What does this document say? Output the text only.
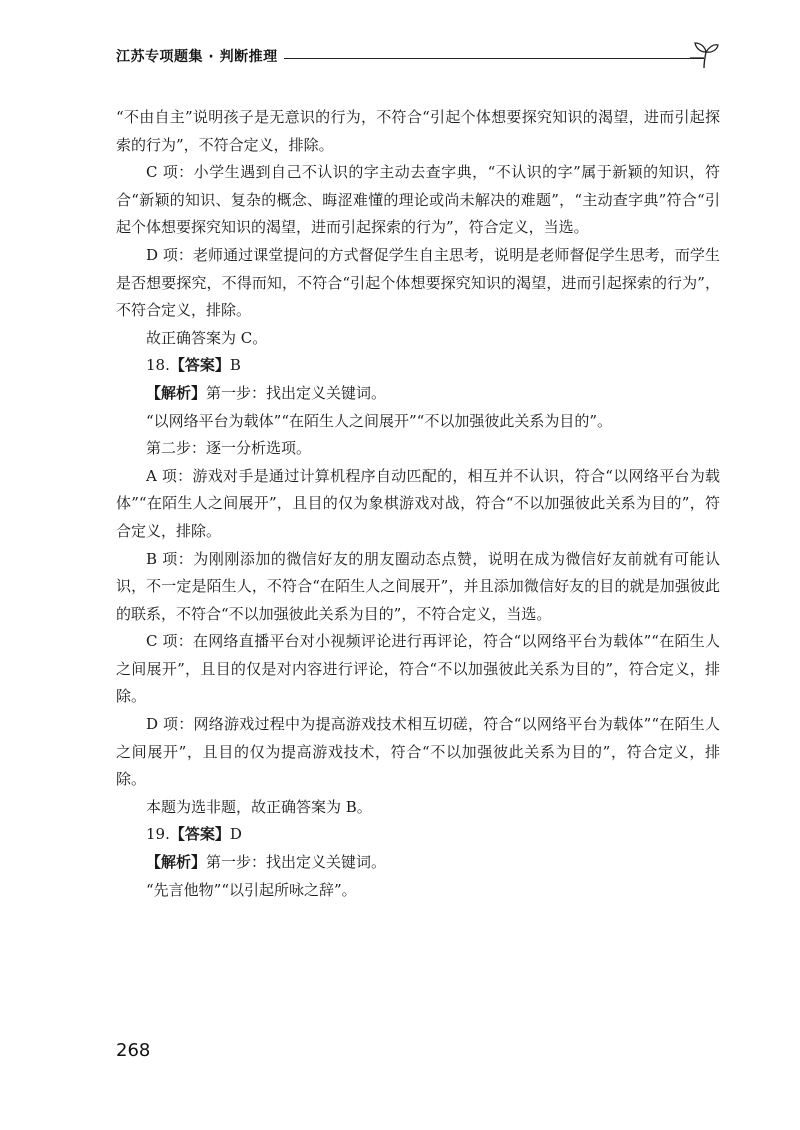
江苏专项题集 · 判断推理

“不由自主”说明孩子是无意识的行为，不符合“引起个体想要探究知识的渴望，进而引起探索的行为”，不符合定义，排除。

C 项：小学生遇到自己不认识的字主动去查字典，“不认识的字”属于新颖的知识，符合“新颖的知识、复杂的概念、晦涩难懂的理论或尚未解决的难题”，“主动查字典”符合“引起个体想要探究知识的渴望，进而引起探索的行为”，符合定义，当选。

D 项：老师通过课堂提问的方式督促学生自主思考，说明是老师督促学生思考，而学生是否想要探究，不得而知，不符合“引起个体想要探究知识的渴望，进而引起探索的行为”，不符合定义，排除。

故正确答案为 C。

18.【答案】B

【解析】第一步：找出定义关键词。

“以网络平台为载体”“在陌生人之间展开”“不以加强彼此关系为目的”。

第二步：逐一分析选项。

A 项：游戏对手是通过计算机程序自动匹配的，相互并不认识，符合“以网络平台为载体”“在陌生人之间展开”，且目的仅为象棋游戏对战，符合“不以加强彼此关系为目的”，符合定义，排除。

B 项：为刚刚添加的微信好友的朋友圈动态点赞，说明在成为微信好友前就有可能认识，不一定是陌生人，不符合“在陌生人之间展开”，并且添加微信好友的目的就是加强彼此的联系，不符合“不以加强彼此关系为目的”，不符合定义，当选。

C 项：在网络直播平台对小视频评论进行再评论，符合“以网络平台为载体”“在陌生人之间展开”，且目的仅是对内容进行评论，符合“不以加强彼此关系为目的”，符合定义，排除。

D 项：网络游戏过程中为提高游戏技术相互切磋，符合“以网络平台为载体”“在陌生人之间展开”，且目的仅为提高游戏技术，符合“不以加强彼此关系为目的”，符合定义，排除。

本题为选非题，故正确答案为 B。

19.【答案】D

【解析】第一步：找出定义关键词。

“先言他物”“以引起所咏之辞”。

268
